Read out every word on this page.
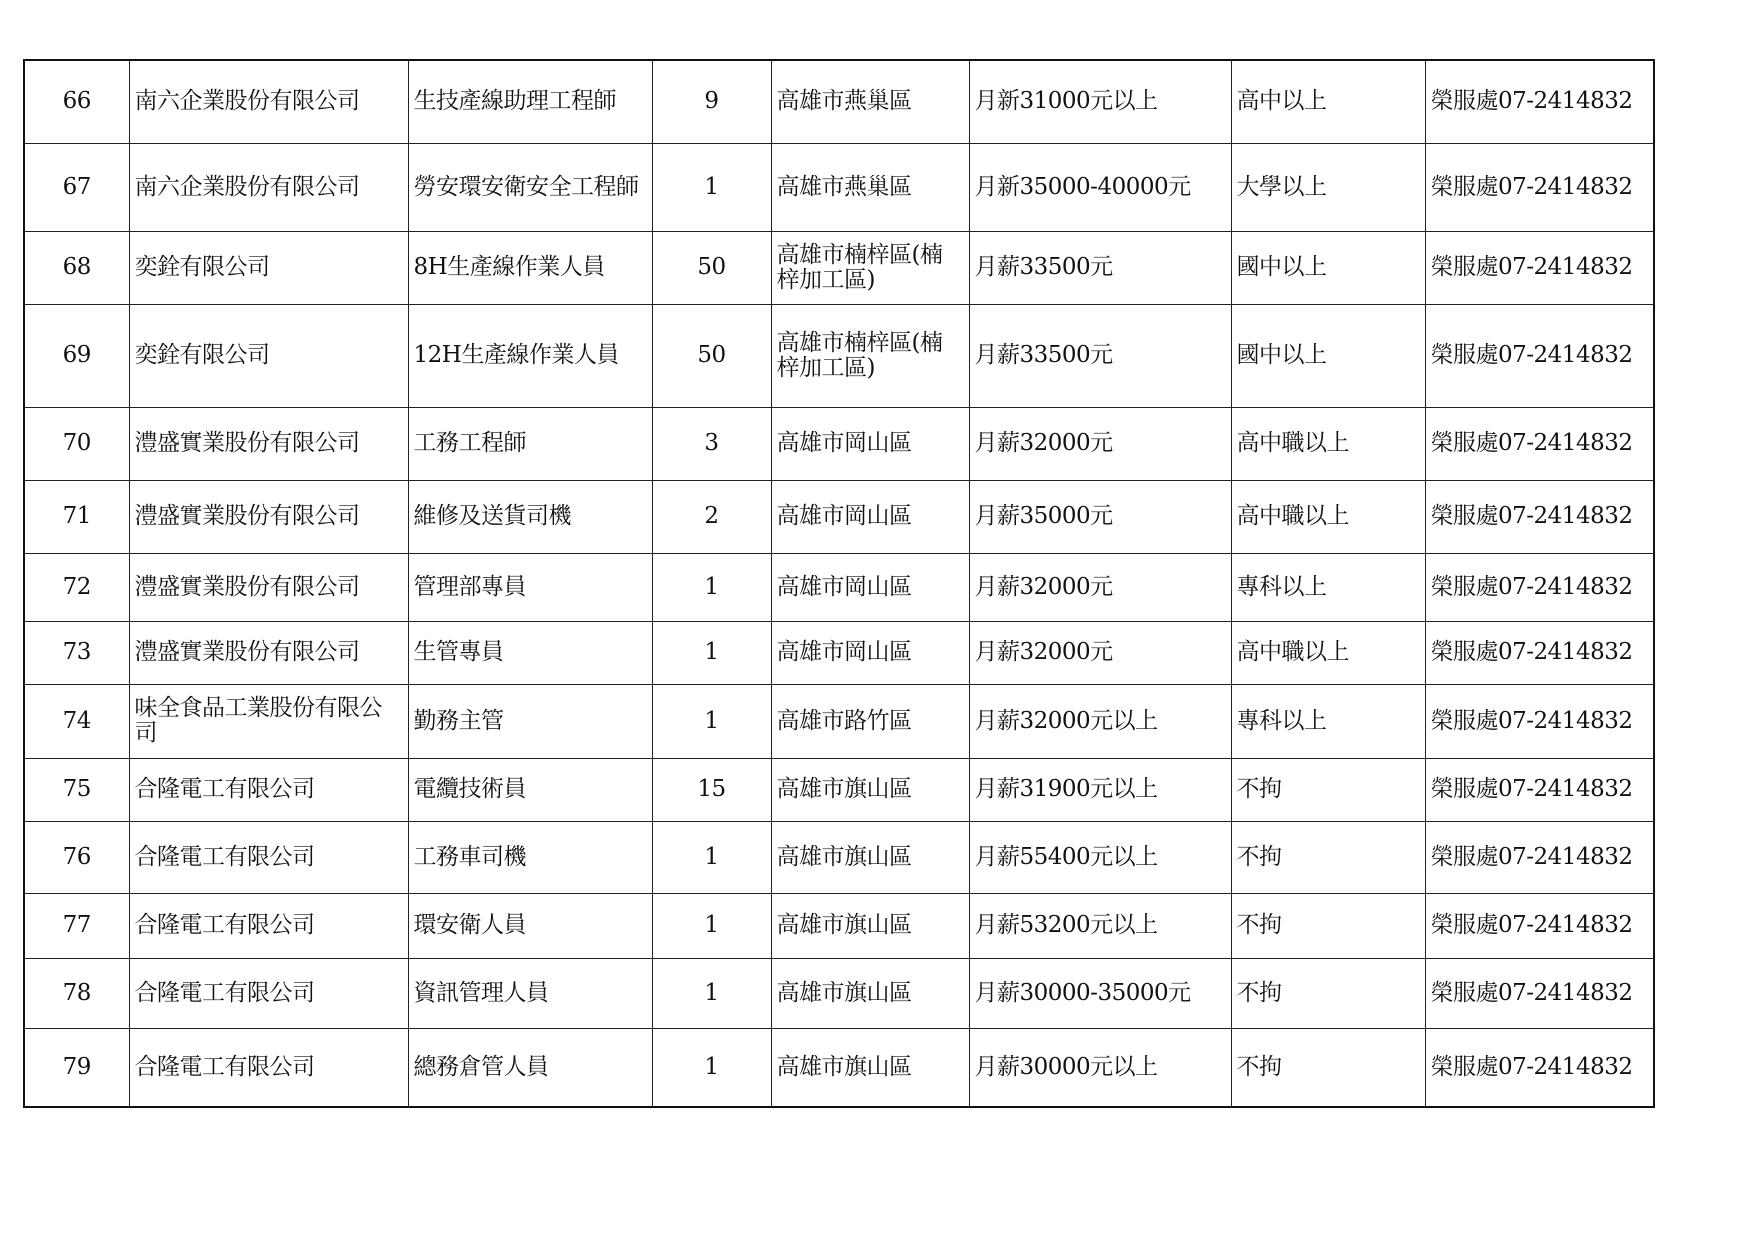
66	南六企業股份有限公司	生技產線助理工程師	9	高雄市燕巢區	月新31000元以上	高中以上	榮服處07-2414832
67	南六企業股份有限公司	勞安環安衛安全工程師	1	高雄市燕巢區	月新35000-40000元	大學以上	榮服處07-2414832
68	奕銓有限公司	8H生產線作業人員	50	高雄市楠梓區(楠梓加工區)	月薪33500元	國中以上	榮服處07-2414832
69	奕銓有限公司	12H生產線作業人員	50	高雄市楠梓區(楠梓加工區)	月薪33500元	國中以上	榮服處07-2414832
70	澧盛實業股份有限公司	工務工程師	3	高雄市岡山區	月薪32000元	高中職以上	榮服處07-2414832
71	澧盛實業股份有限公司	維修及送貨司機	2	高雄市岡山區	月薪35000元	高中職以上	榮服處07-2414832
72	澧盛實業股份有限公司	管理部專員	1	高雄市岡山區	月薪32000元	專科以上	榮服處07-2414832
73	澧盛實業股份有限公司	生管專員	1	高雄市岡山區	月薪32000元	高中職以上	榮服處07-2414832
74	味全食品工業股份有限公司	勤務主管	1	高雄市路竹區	月薪32000元以上	專科以上	榮服處07-2414832
75	合隆電工有限公司	電纜技術員	15	高雄市旗山區	月薪31900元以上	不拘	榮服處07-2414832
76	合隆電工有限公司	工務車司機	1	高雄市旗山區	月薪55400元以上	不拘	榮服處07-2414832
77	合隆電工有限公司	環安衛人員	1	高雄市旗山區	月薪53200元以上	不拘	榮服處07-2414832
78	合隆電工有限公司	資訊管理人員	1	高雄市旗山區	月薪30000-35000元	不拘	榮服處07-2414832
79	合隆電工有限公司	總務倉管人員	1	高雄市旗山區	月薪30000元以上	不拘	榮服處07-2414832
